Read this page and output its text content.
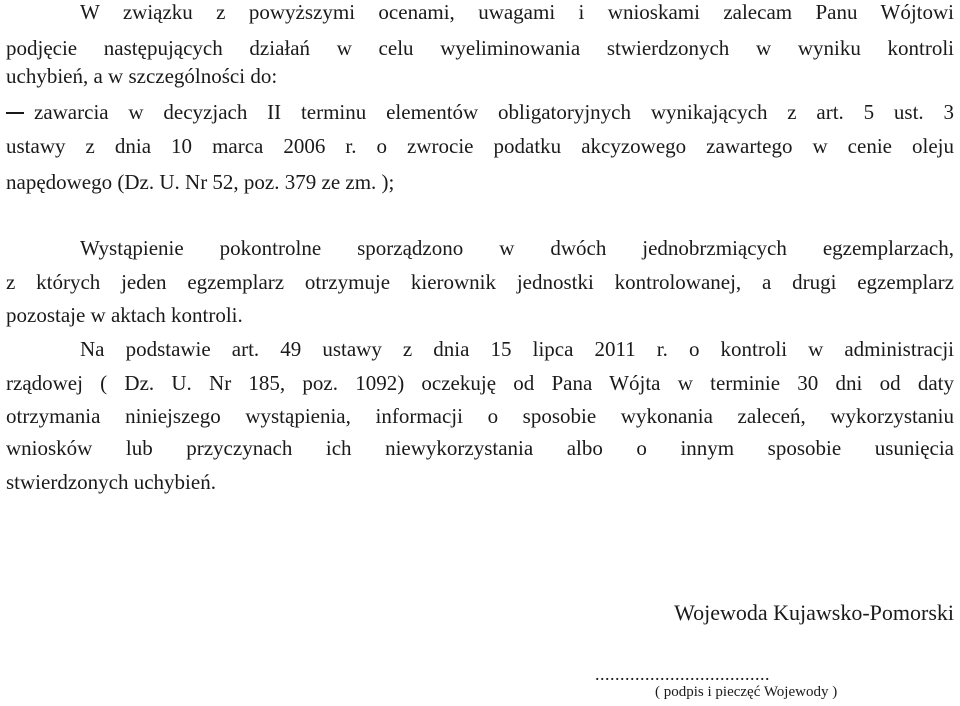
W związku z powyższymi ocenami, uwagami i wnioskami zalecam Panu Wójtowi
podjęcie następujących działań w celu wyeliminowania stwierdzonych w wyniku kontroli
uchybień, a w szczególności do:
zawarcia w decyzjach II terminu elementów obligatoryjnych wynikających z art. 5 ust. 3
ustawy z dnia 10 marca 2006 r. o zwrocie podatku akcyzowego zawartego w cenie oleju
napędowego (Dz. U. Nr 52, poz. 379 ze zm. );
Wystąpienie pokontrolne sporządzono w dwóch jednobrzmiących egzemplarzach,
z których jeden egzemplarz otrzymuje kierownik jednostki kontrolowanej, a drugi egzemplarz
pozostaje w aktach kontroli.
Na podstawie art. 49 ustawy z dnia 15 lipca 2011 r. o kontroli w administracji
rządowej ( Dz. U. Nr 185, poz. 1092) oczekuję od Pana Wójta w terminie 30 dni od daty
otrzymania niniejszego wystąpienia, informacji o sposobie wykonania zaleceń, wykorzystaniu
wniosków lub przyczynach ich niewykorzystania albo o innym sposobie usunięcia
stwierdzonych uchybień.
Wojewoda Kujawsko-Pomorski
...................................
( podpis i pieczęć Wojewody )
